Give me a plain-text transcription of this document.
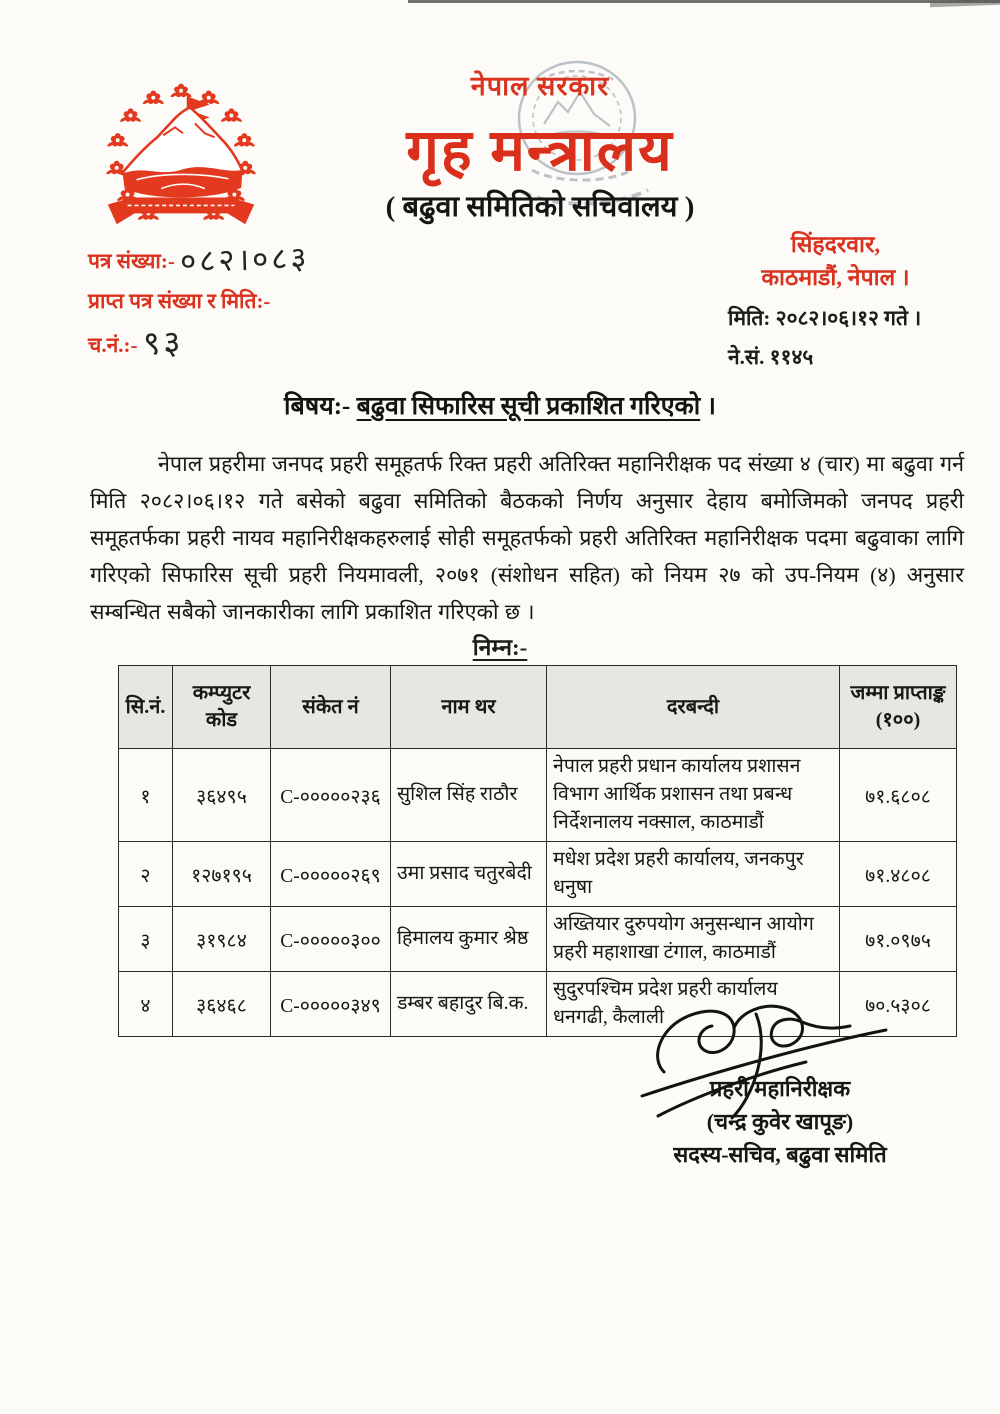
नेपाल सरकार
गृह मन्त्रालय
( बढुवा समितिको सचिवालय )
पत्र संख्या:- ०८२।०८३
प्राप्त पत्र संख्या र मिति:-
च.नं.:- ९३
सिंहदरवार,
काठमाडौं, नेपाल ।
मिति: २०८२।०६।१२ गते ।
ने.सं. ११४५
बिषय:- बढुवा सिफारिस सूची प्रकाशित गरिएको ।
नेपाल प्रहरीमा जनपद प्रहरी समूहतर्फ रिक्त प्रहरी अतिरिक्त महानिरीक्षक पद संख्या ४ (चार) मा बढुवा गर्न मिति २०८२।०६।१२ गते बसेको बढुवा समितिको बैठकको निर्णय अनुसार देहाय बमोजिमको जनपद प्रहरी समूहतर्फका प्रहरी नायव महानिरीक्षकहरुलाई सोही समूहतर्फको प्रहरी अतिरिक्त महानिरीक्षक पदमा बढुवाका लागि गरिएको सिफारिस सूची प्रहरी नियमावली, २०७१ (संशोधन सहित) को नियम २७ को उप-नियम (४) अनुसार सम्बन्धित सबैको जानकारीका लागि प्रकाशित गरिएको छ ।
निम्न:-
सि.नं.	कम्प्युटर कोड	संकेत नं	नाम थर	दरबन्दी	जम्मा प्राप्ताङ्क (१००)
१	३६४९५	C-०००००२३६	सुशिल सिंह राठौर	नेपाल प्रहरी प्रधान कार्यालय प्रशासन विभाग आर्थिक प्रशासन तथा प्रबन्ध निर्देशनालय नक्साल, काठमाडौं	७१.६८०८
२	१२७१९५	C-०००००२६९	उमा प्रसाद चतुरबेदी	मधेश प्रदेश प्रहरी कार्यालय, जनकपुर धनुषा	७१.४८०८
३	३१९८४	C-०००००३००	हिमालय कुमार श्रेष्ठ	अख्तियार दुरुपयोग अनुसन्धान आयोग प्रहरी महाशाखा टंगाल, काठमाडौं	७१.०९७५
४	३६४६८	C-०००००३४९	डम्बर बहादुर बि.क.	सुदुरपश्चिम प्रदेश प्रहरी कार्यालय धनगढी, कैलाली	७०.५३०८
प्रहरी महानिरीक्षक
(चन्द्र कुवेर खापूङ)
सदस्य-सचिव, बढुवा समिति
